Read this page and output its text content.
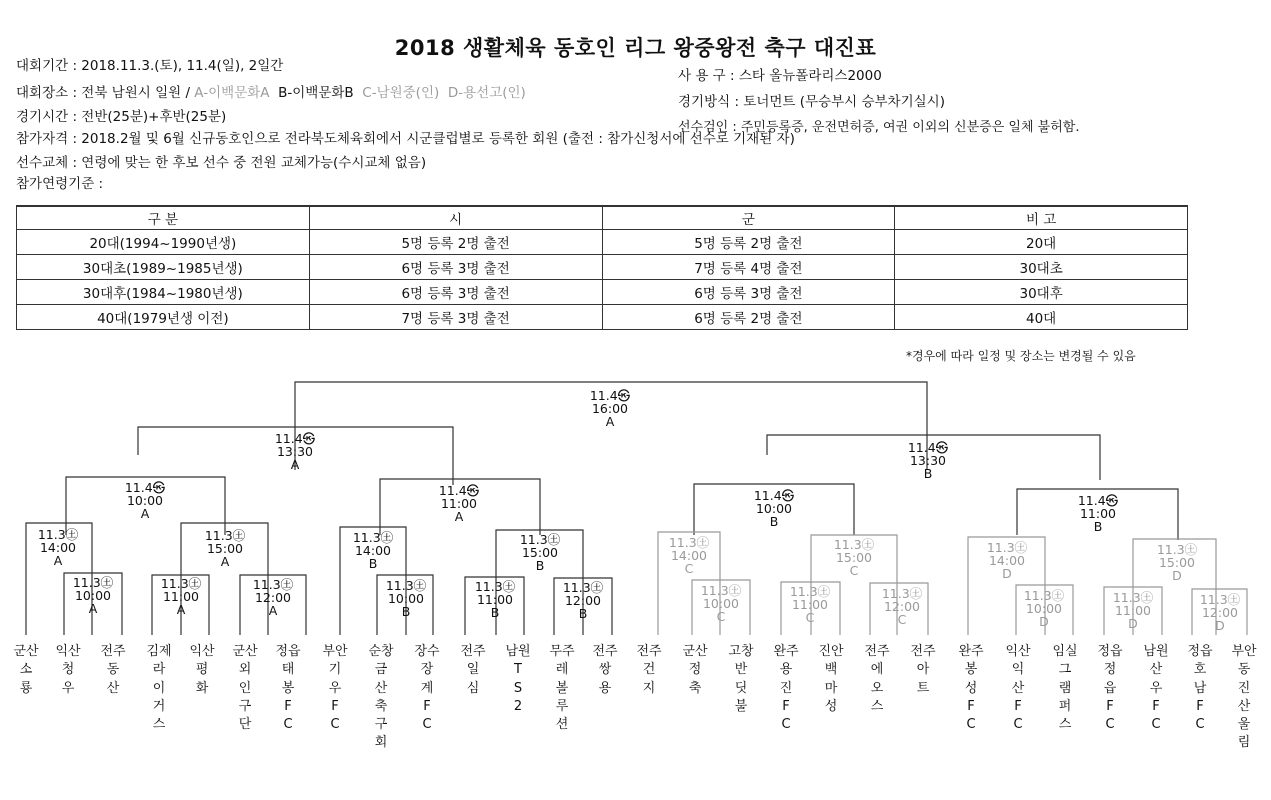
2018 생활체육 동호인 리그 왕중왕전 축구 대진표
대회기간 : 2018.11.3.(토), 11.4(일), 2일간
대회장소 : 전북 남원시 일원 / A-이백문화A B-이백문화B C-남원중(인) D-용선고(인)
사 용 구 : 스타 올뉴폴라리스2000
경기시간 : 전반(25분)+후반(25분)
경기방식 : 토너먼트 (무승부시 승부차기실시)
참가자격 : 2018.2월 및 6월 신규동호인으로 전라북도체육회에서 시군클럽별로 등록한 회원 (출전 : 참가신청서에 선수로 기재된 자)
선수검인 : 주민등록증, 운전면허증, 여권 이외의 신분증은 일체 불허함.
선수교체 : 연령에 맞는 한 후보 선수 중 전원 교체가능(수시교체 없음)
참가연령기준 :
구 분	시	군	비 고
20대(1994~1990년생)	5명 등록 2명 출전	5명 등록 2명 출전	20대
30대초(1989~1985년생)	6명 등록 3명 출전	7명 등록 4명 출전	30대초
30대후(1984~1980년생)	6명 등록 3명 출전	6명 등록 3명 출전	30대후
40대(1979년생 이전)	7명 등록 3명 출전	6명 등록 2명 출전	40대
*경우에 따라 일정 및 장소는 변경될 수 있음
11.4㉿
16:00
A
11.4㉿
13:30
A
11.4㉿
13:30
B
11.4㉿
10:00
A
11.4㉿
11:00
A
11.4㉿
10:00
B
11.4㉿
11:00
B
11.3㊏
14:00
A
11.3㊏
15:00
A
11.3㊏
14:00
B
11.3㊏
15:00
B
11.3㊏
14:00
C
11.3㊏
15:00
C
11.3㊏
14:00
D
11.3㊏
15:00
D
11.3㊏
10:00
A
11.3㊏
11:00
A
11.3㊏
12:00
A
11.3㊏
10:00
B
11.3㊏
11:00
B
11.3㊏
12:00
B
11.3㊏
10:00
C
11.3㊏
11:00
C
11.3㊏
12:00
C
11.3㊏
10:00
D
11.3㊏
11:00
D
11.3㊏
12:00
D
군산
소
룡
익산
청
우
전주
동
산
김제
라
이
거
스
익산
평
화
군산
외
인
구
단
정읍
태
봉
F
C
부안
기
우
F
C
순창
금
산
축
구
회
장수
장
계
F
C
전주
일
심
남원
T
S
2
무주
레
볼
루
션
전주
쌍
용
전주
건
지
군산
정
축
고창
반
딧
불
완주
용
진
F
C
진안
백
마
성
전주
에
오
스
전주
아
트
완주
봉
성
F
C
익산
익
산
F
C
임실
그
램
퍼
스
정읍
정
읍
F
C
남원
산
우
F
C
정읍
호
남
F
C
부안
동
진
산
울
림
